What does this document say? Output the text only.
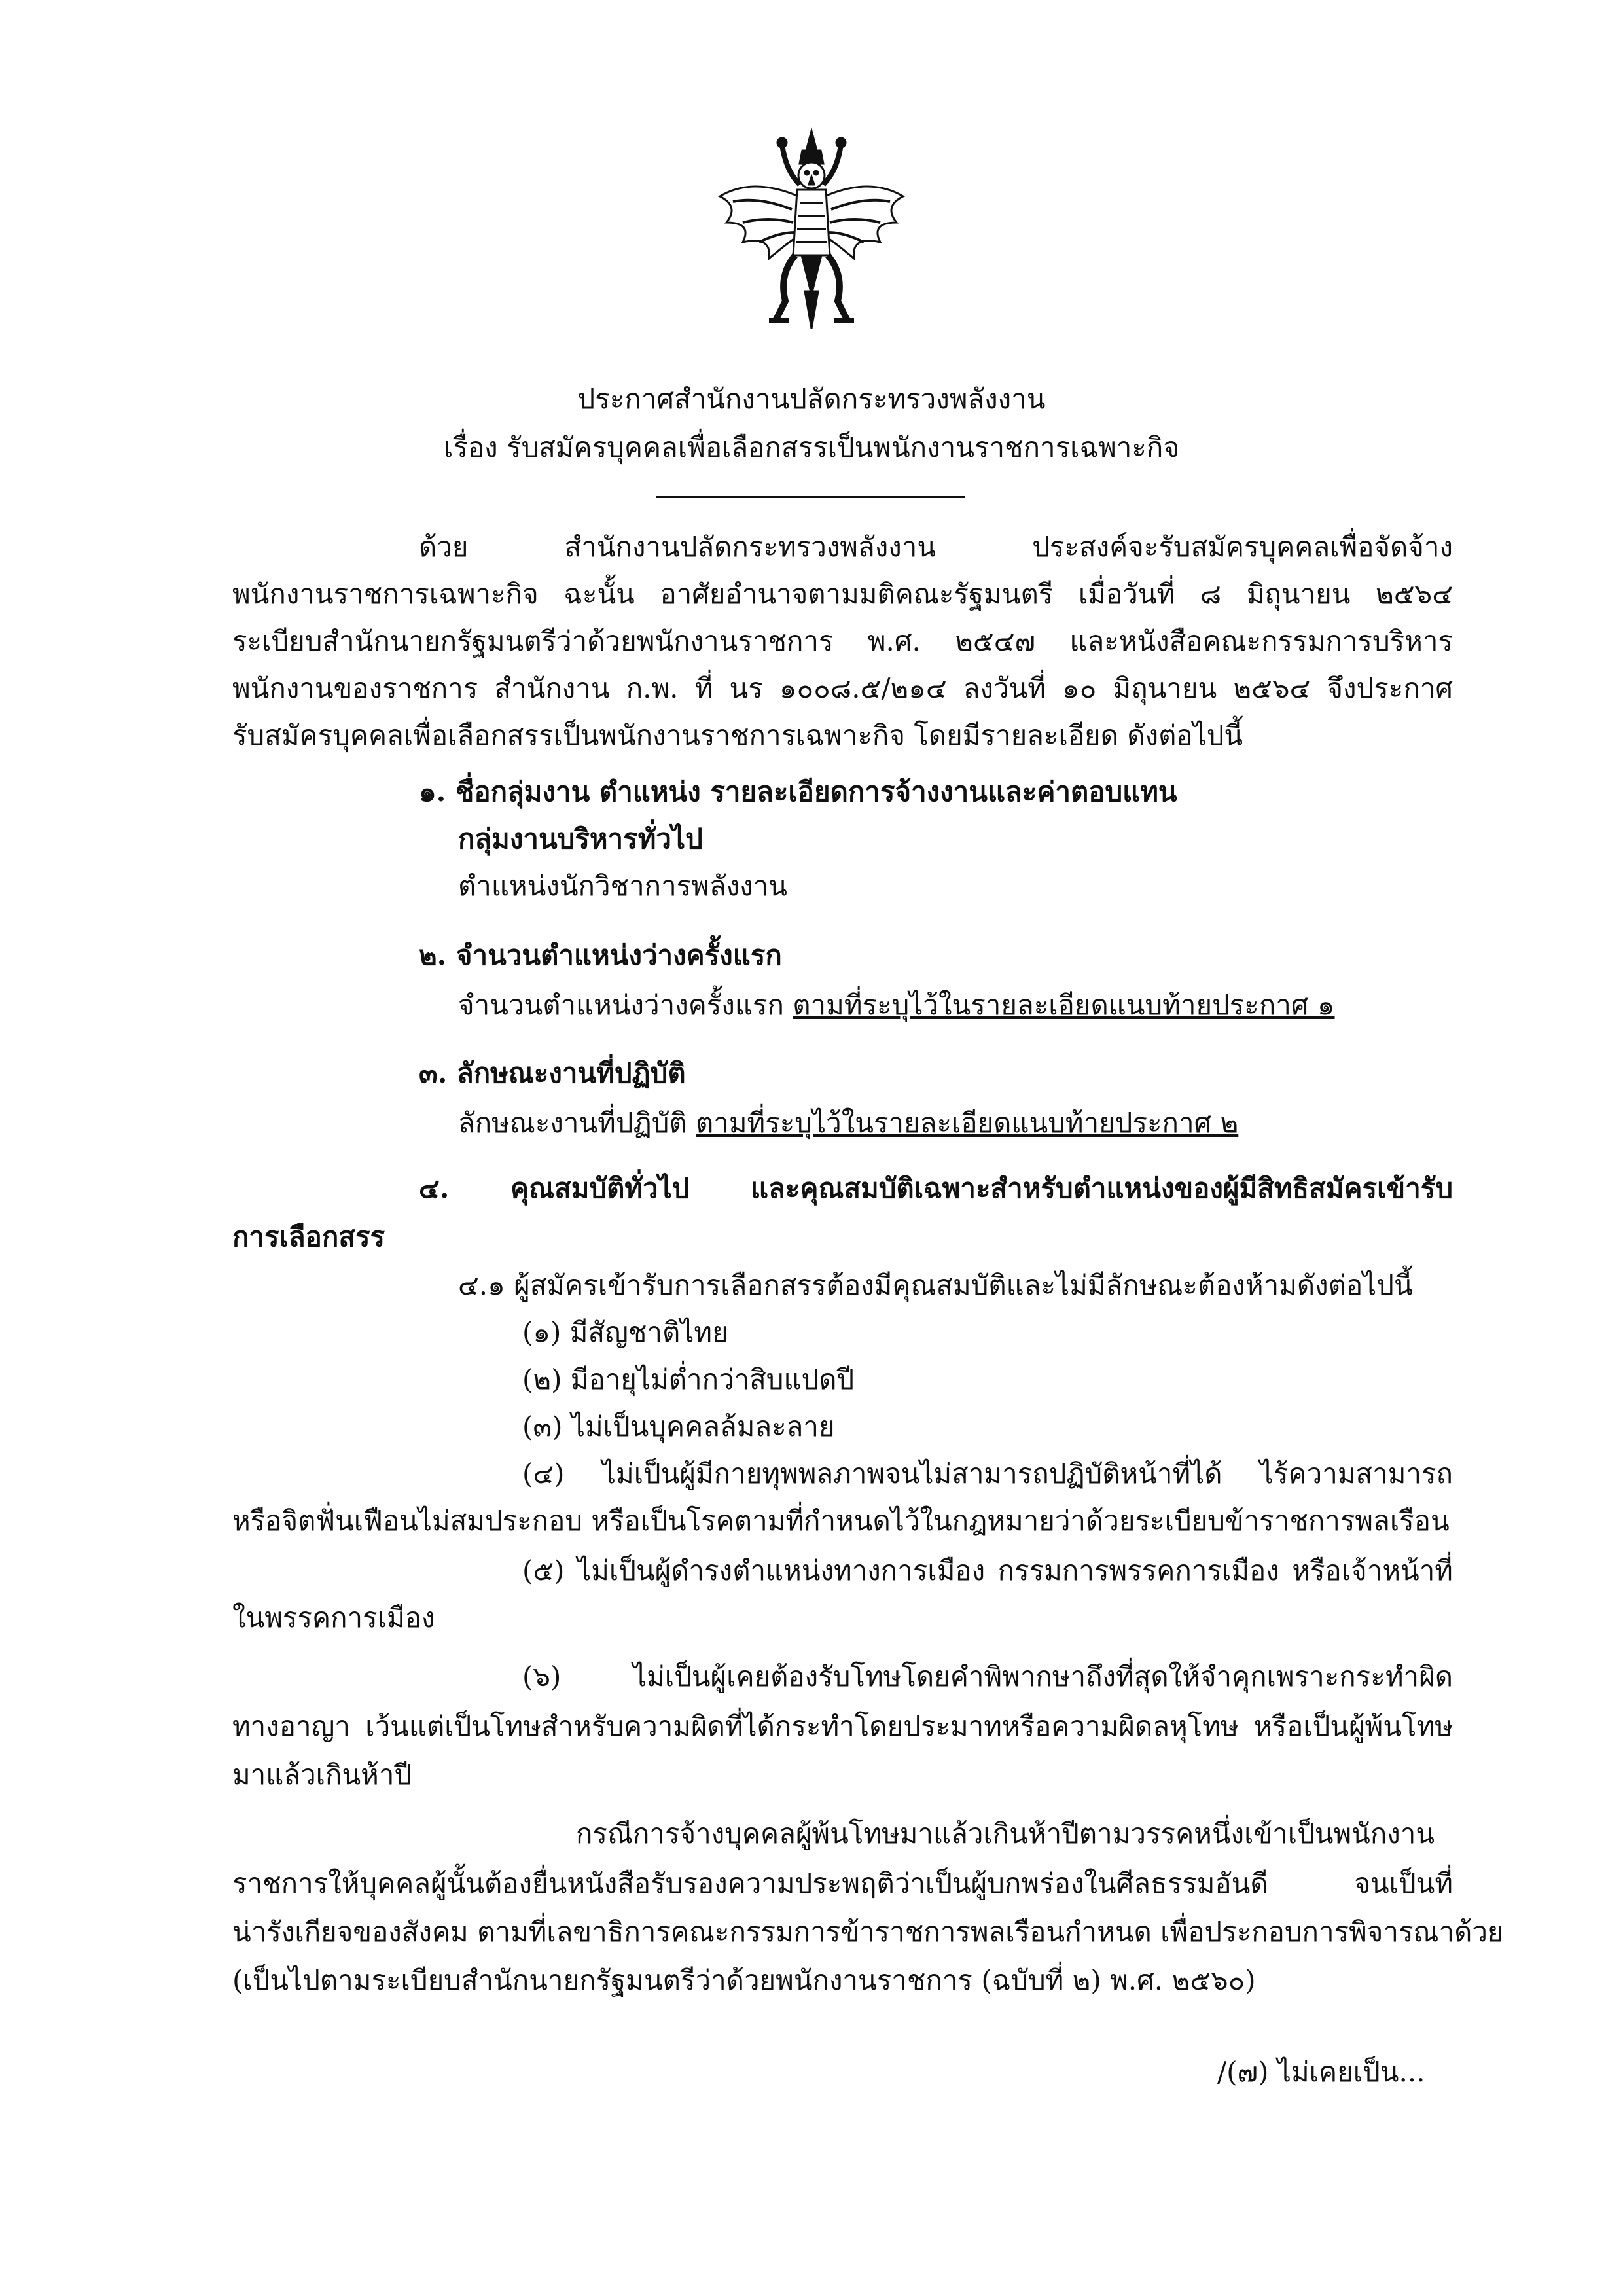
ประกาศสำนักงานปลัดกระทรวงพลังงาน
เรื่อง รับสมัครบุคคลเพื่อเลือกสรรเป็นพนักงานราชการเฉพาะกิจ
ด้วย สำนักงานปลัดกระทรวงพลังงาน ประสงค์จะรับสมัครบุคคลเพื่อจัดจ้าง
พนักงานราชการเฉพาะกิจ ฉะนั้น อาศัยอำนาจตามมติคณะรัฐมนตรี เมื่อวันที่ ๘ มิถุนายน ๒๕๖๔
ระเบียบสำนักนายกรัฐมนตรีว่าด้วยพนักงานราชการ พ.ศ. ๒๕๔๗ และหนังสือคณะกรรมการบริหาร
พนักงานของราชการ สำนักงาน ก.พ. ที่ นร ๑๐๐๘.๕/๒๑๔ ลงวันที่ ๑๐ มิถุนายน ๒๕๖๔ จึงประกาศ
รับสมัครบุคคลเพื่อเลือกสรรเป็นพนักงานราชการเฉพาะกิจ โดยมีรายละเอียด ดังต่อไปนี้
๑. ชื่อกลุ่มงาน ตำแหน่ง รายละเอียดการจ้างงานและค่าตอบแทน
กลุ่มงานบริหารทั่วไป
ตำแหน่งนักวิชาการพลังงาน
๒. จำนวนตำแหน่งว่างครั้งแรก
จำนวนตำแหน่งว่างครั้งแรก ตามที่ระบุไว้ในรายละเอียดแนบท้ายประกาศ ๑
๓. ลักษณะงานที่ปฏิบัติ
ลักษณะงานที่ปฏิบัติ ตามที่ระบุไว้ในรายละเอียดแนบท้ายประกาศ ๒
๔. คุณสมบัติทั่วไป และคุณสมบัติเฉพาะสำหรับตำแหน่งของผู้มีสิทธิสมัครเข้ารับ
การเลือกสรร
๔.๑ ผู้สมัครเข้ารับการเลือกสรรต้องมีคุณสมบัติและไม่มีลักษณะต้องห้ามดังต่อไปนี้
(๑) มีสัญชาติไทย
(๒) มีอายุไม่ต่ำกว่าสิบแปดปี
(๓) ไม่เป็นบุคคลล้มละลาย
(๔) ไม่เป็นผู้มีกายทุพพลภาพจนไม่สามารถปฏิบัติหน้าที่ได้ ไร้ความสามารถ
หรือจิตฟั่นเฟือนไม่สมประกอบ หรือเป็นโรคตามที่กำหนดไว้ในกฎหมายว่าด้วยระเบียบข้าราชการพลเรือน
(๕) ไม่เป็นผู้ดำรงตำแหน่งทางการเมือง กรรมการพรรคการเมือง หรือเจ้าหน้าที่
ในพรรคการเมือง
(๖) ไม่เป็นผู้เคยต้องรับโทษโดยคำพิพากษาถึงที่สุดให้จำคุกเพราะกระทำผิด
ทางอาญา เว้นแต่เป็นโทษสำหรับความผิดที่ได้กระทำโดยประมาทหรือความผิดลหุโทษ หรือเป็นผู้พ้นโทษ
มาแล้วเกินห้าปี
กรณีการจ้างบุคคลผู้พ้นโทษมาแล้วเกินห้าปีตามวรรคหนึ่งเข้าเป็นพนักงาน
ราชการให้บุคคลผู้นั้นต้องยื่นหนังสือรับรองความประพฤติว่าเป็นผู้บกพร่องในศีลธรรมอันดี จนเป็นที่
น่ารังเกียจของสังคม ตามที่เลขาธิการคณะกรรมการข้าราชการพลเรือนกำหนด เพื่อประกอบการพิจารณาด้วย
(เป็นไปตามระเบียบสำนักนายกรัฐมนตรีว่าด้วยพนักงานราชการ (ฉบับที่ ๒) พ.ศ. ๒๕๖๐)
/(๗) ไม่เคยเป็น...
